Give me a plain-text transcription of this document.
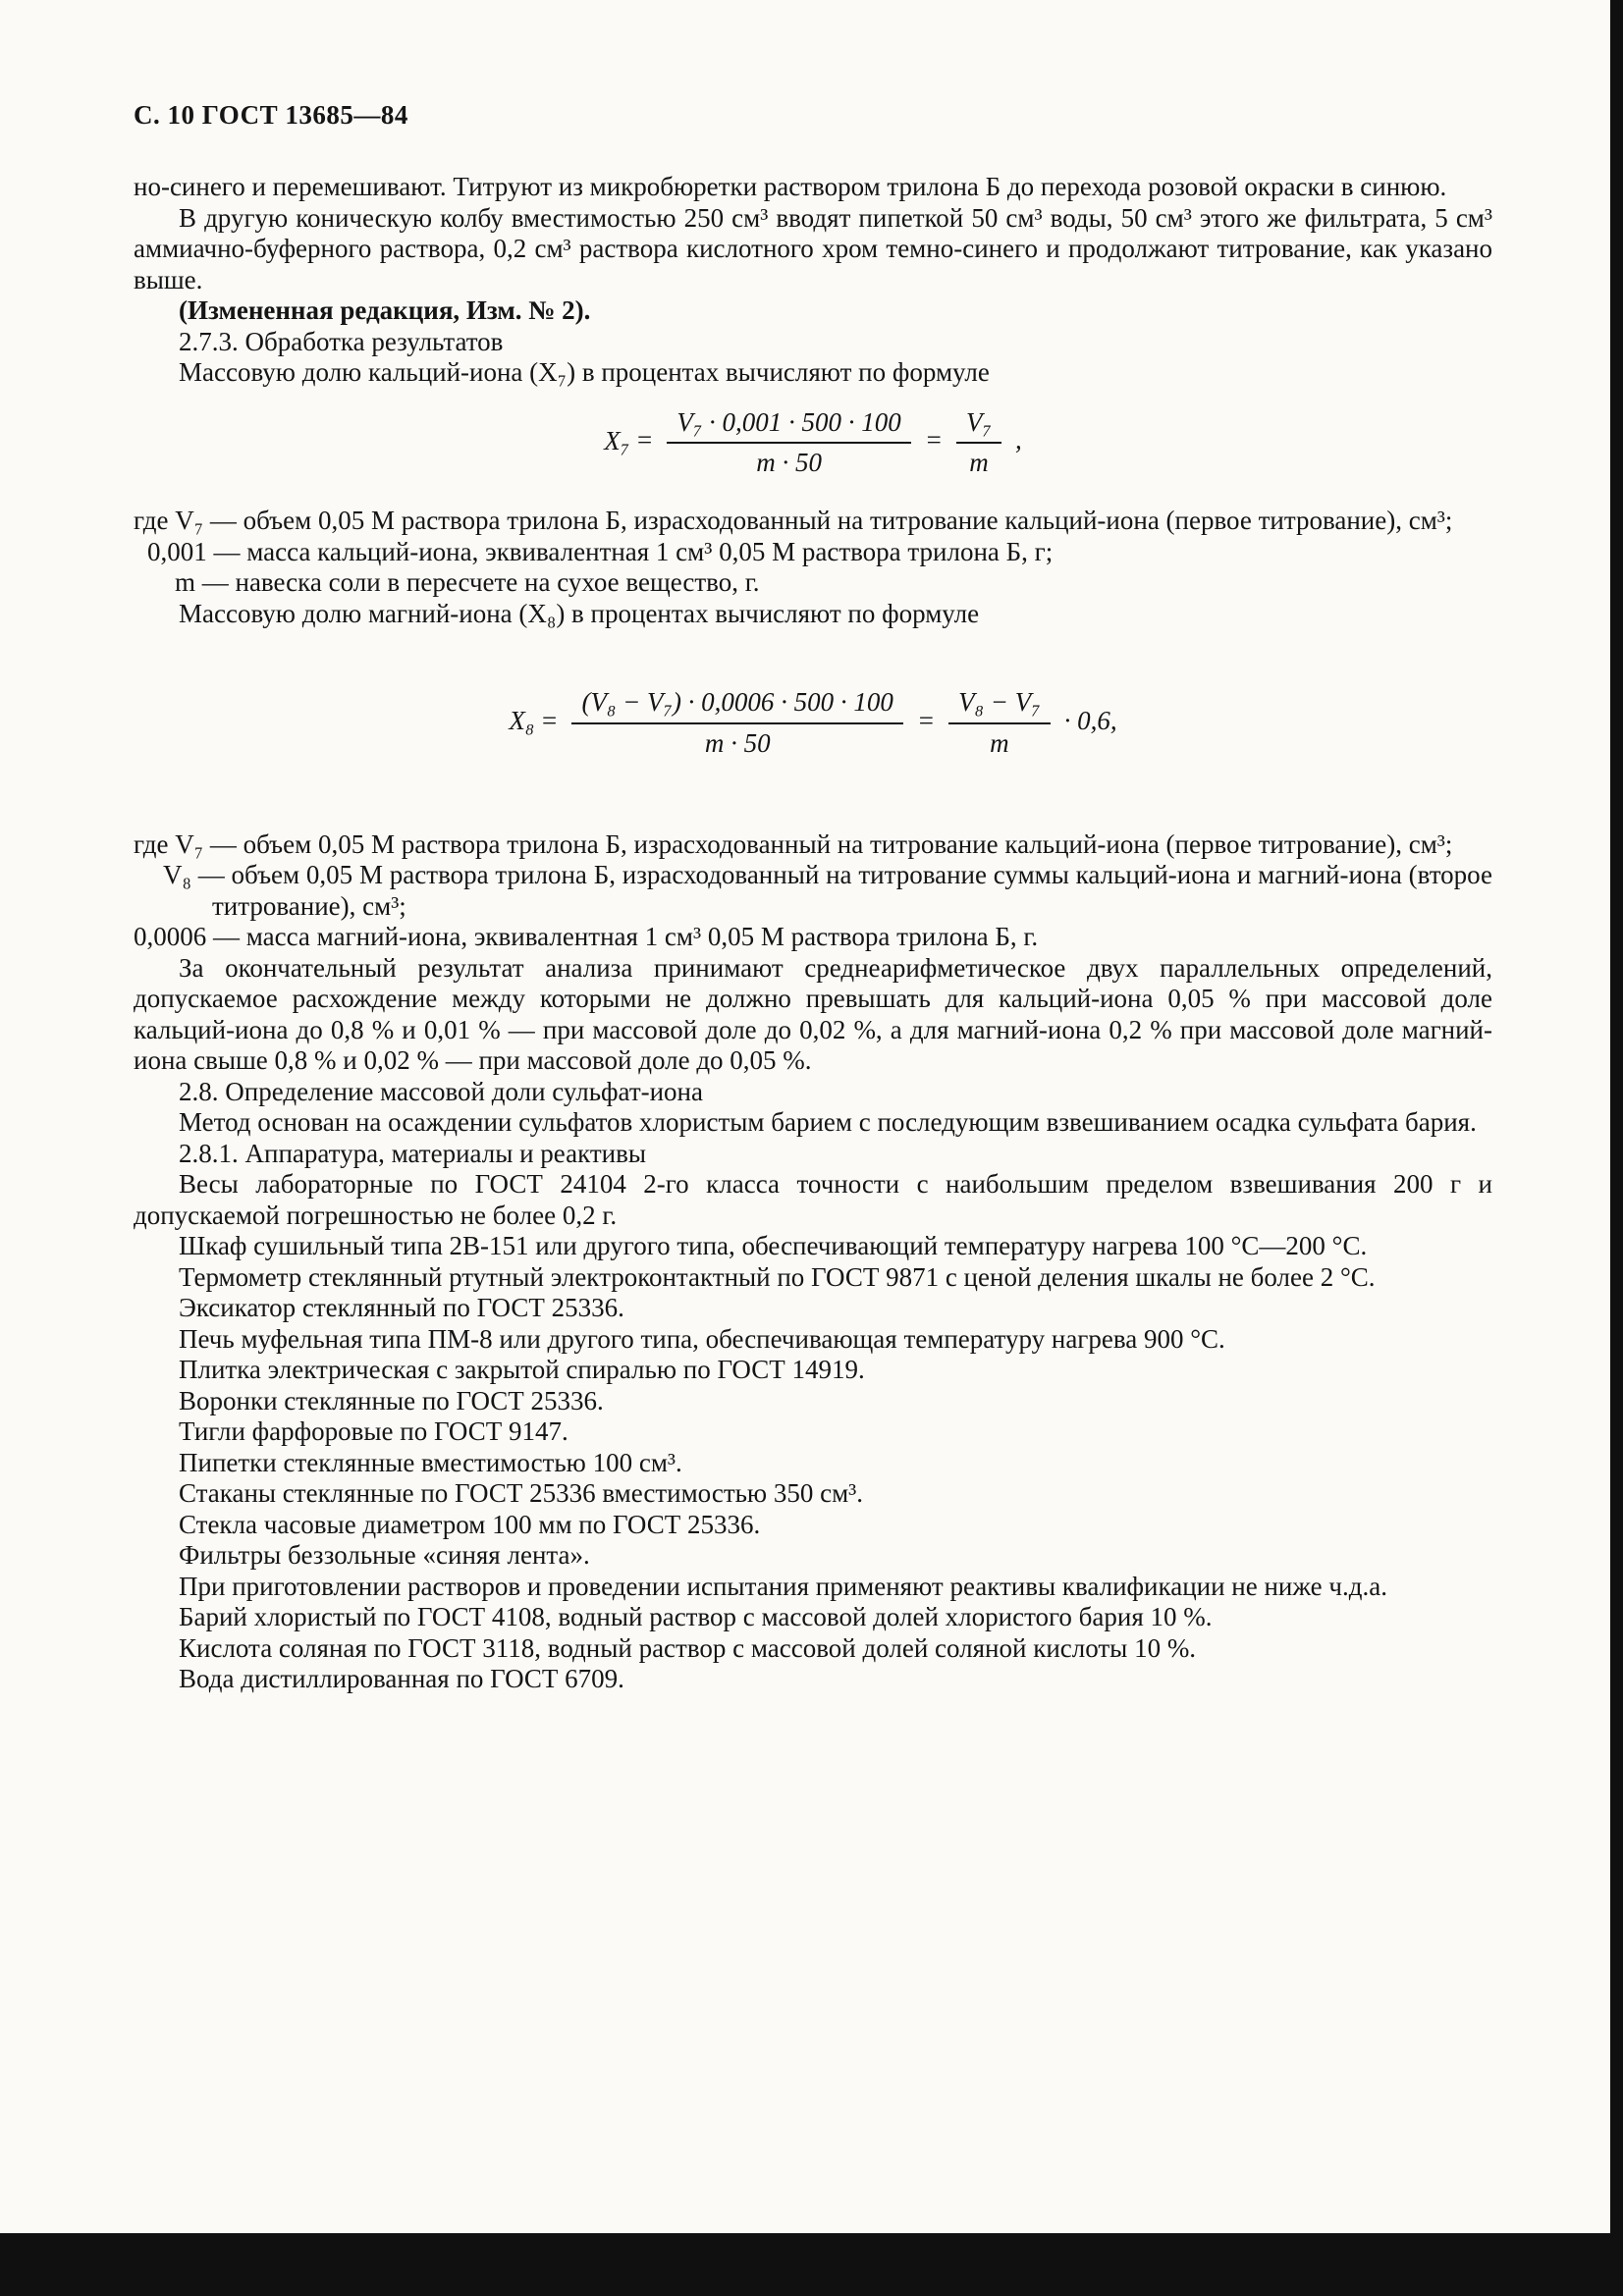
С. 10 ГОСТ 13685—84

но-синего и перемешивают. Титруют из микробюретки раствором трилона Б до перехода розовой окраски в синюю.

В другую коническую колбу вместимостью 250 см³ вводят пипеткой 50 см³ воды, 50 см³ этого же фильтрата, 5 см³ аммиачно-буферного раствора, 0,2 см³ раствора кислотного хром темно-синего и продолжают титрование, как указано выше.

(Измененная редакция, Изм. № 2).

2.7.3. Обработка результатов

Массовую долю кальций-иона (X₇) в процентах вычисляют по формуле

$X_7 = \frac{\text{V₇ · 0,001 · 500 · 100}}{m \cdot 50} = \frac{\text{V₇}}{m}$ ,

где V₇ — объем 0,05 М раствора трилона Б, израсходованный на титрование кальций-иона (первое титрование), см³;

0,001 — масса кальций-иона, эквивалентная 1 см³ 0,05 М раствора трилона Б, г;

m — навеска соли в пересчете на сухое вещество, г.

Массовую долю магний-иона (X₈) в процентах вычисляют по формуле

$X_8 = \frac{\text{(V₈ − V₇) · 0,0006 · 500 · 100}}{m \cdot 50} = \frac{\text{V₈ − V₇}}{m} \cdot 0,6$,

где V₇ — объем 0,05 М раствора трилона Б, израсходованный на титрование кальций-иона (первое титрование), см³;

V₈ — объем 0,05 М раствора трилона Б, израсходованный на титрование суммы кальций-иона и магний-иона (второе титрование), см³;

0,0006 — масса магний-иона, эквивалентная 1 см³ 0,05 М раствора трилона Б, г.

За окончательный результат анализа принимают среднеарифметическое двух параллельных определений, допускаемое расхождение между которыми не должно превышать для кальций-иона 0,05 % при массовой доле кальций-иона до 0,8 % и 0,01 % — при массовой доле до 0,02 %, а для магний-иона 0,2 % при массовой доле магний-иона свыше 0,8 % и 0,02 % — при массовой доле до 0,05 %.

2.8. Определение массовой доли сульфат-иона

Метод основан на осаждении сульфатов хлористым барием с последующим взвешиванием осадка сульфата бария.

2.8.1. Аппаратура, материалы и реактивы

Весы лабораторные по ГОСТ 24104 2-го класса точности с наибольшим пределом взвешивания 200 г и допускаемой погрешностью не более 0,2 г.

Шкаф сушильный типа 2В-151 или другого типа, обеспечивающий температуру нагрева 100 °С—200 °С.

Термометр стеклянный ртутный электроконтактный по ГОСТ 9871 с ценой деления шкалы не более 2 °С.

Эксикатор стеклянный по ГОСТ 25336.

Печь муфельная типа ПМ-8 или другого типа, обеспечивающая температуру нагрева 900 °С.

Плитка электрическая с закрытой спиралью по ГОСТ 14919.

Воронки стеклянные по ГОСТ 25336.

Тигли фарфоровые по ГОСТ 9147.

Пипетки стеклянные вместимостью 100 см³.

Стаканы стеклянные по ГОСТ 25336 вместимостью 350 см³.

Стекла часовые диаметром 100 мм по ГОСТ 25336.

Фильтры беззольные «синяя лента».

При приготовлении растворов и проведении испытания применяют реактивы квалификации не ниже ч.д.а.

Барий хлористый по ГОСТ 4108, водный раствор с массовой долей хлористого бария 10 %.

Кислота соляная по ГОСТ 3118, водный раствор с массовой долей соляной кислоты 10 %.

Вода дистиллированная по ГОСТ 6709.
